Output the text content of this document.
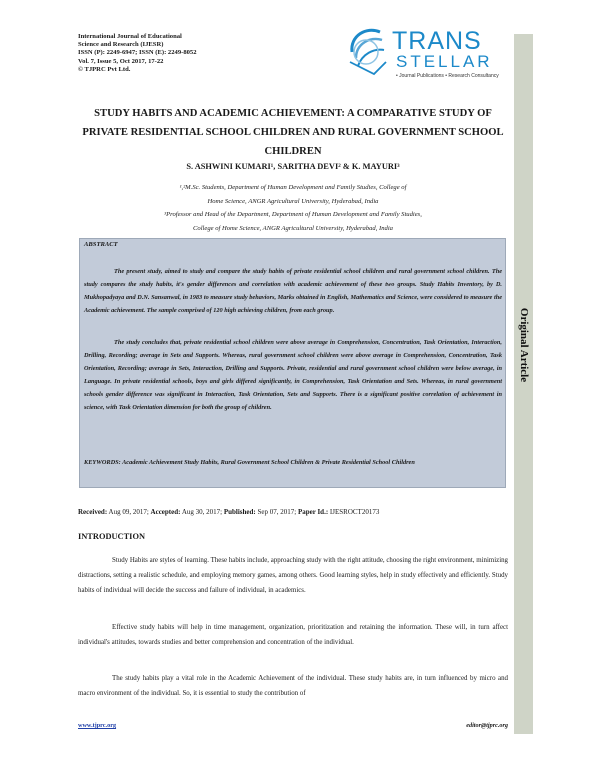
International Journal of Educational
Science and Research (IJESR)
ISSN (P): 2249-6947; ISSN (E): 2249-8052
Vol. 7, Issue 5, Oct 2017, 17-22
© TJPRC Pvt Ltd.
TRANS
STELLAR
• Journal Publications • Research Consultancy
Original Article
STUDY HABITS AND ACADEMIC ACHIEVEMENT: A COMPARATIVE STUDY OF PRIVATE RESIDENTIAL SCHOOL CHILDREN AND RURAL GOVERNMENT SCHOOL CHILDREN
S. ASHWINI KUMARI¹, SARITHA DEVI² & K. MAYURI³
¹,²M.Sc. Students, Department of Human Development and Family Studies, College of
Home Science, ANGR Agricultural University, Hyderabad, India
³Professor and Head of the Department, Department of Human Development and Family Studies,
College of Home Science, ANGR Agricultural University, Hyderabad, India
ABSTRACT
The present study, aimed to study and compare the study habits of private residential school children and rural government school children. The study compares the study habits, it's gender differences and correlation with academic achievement of these two groups. Study Habits Inventory, by D. Mukhopadyaya and D.N. Sansanwal, in 1983 to measure study behaviors, Marks obtained in English, Mathematics and Science, were considered to measure the Academic achievement. The sample comprised of 120 high achieving children, from each group.
The study concludes that, private residential school children were above average in Comprehension, Concentration, Task Orientation, Interaction, Drilling, Recording; average in Sets and Supports. Whereas, rural government school children were above average in Comprehension, Concentration, Task Orientation, Recording; average in Sets, Interaction, Drilling and Supports. Private, residential and rural government school children were below average, in Language. In private residential schools, boys and girls differed significantly, in Comprehension, Task Orientation and Sets. Whereas, in rural government schools gender difference was significant in Interaction, Task Orientation, Sets and Supports. There is a significant positive correlation of achievement in science, with Task Orientation dimension for both the group of children.
KEYWORDS: Academic Achievement Study Habits, Rural Government School Children & Private Residential School Children
Received: Aug 09, 2017; Accepted: Aug 30, 2017; Published: Sep 07, 2017; Paper Id.: IJESROCT20173
INTRODUCTION
Study Habits are styles of learning. These habits include, approaching study with the right attitude, choosing the right environment, minimizing distractions, setting a realistic schedule, and employing memory games, among others. Good learning styles, help in study effectively and efficiently. Study habits of individual will decide the success and failure of individual, in academics.
Effective study habits will help in time management, organization, prioritization and retaining the information. These will, in turn affect individual's attitudes, towards studies and better comprehension and concentration of the individual.
The study habits play a vital role in the Academic Achievement of the individual. These study habits are, in turn influenced by micro and macro environment of the individual. So, it is essential to study the contribution of
www.tjprc.org	editor@tjprc.org
